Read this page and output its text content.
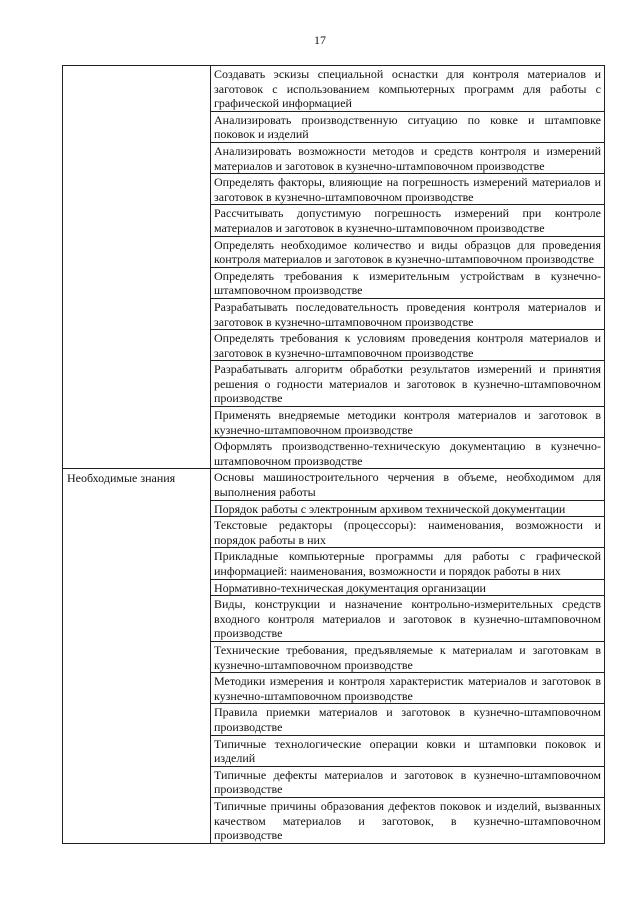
17
	Создавать эскизы специальной оснастки для контроля материалов и заготовок с использованием компьютерных программ для работы с графической информацией
	Анализировать производственную ситуацию по ковке и штамповке поковок и изделий
	Анализировать возможности методов и средств контроля и измерений материалов и заготовок в кузнечно-штамповочном производстве
	Определять факторы, влияющие на погрешность измерений материалов и заготовок в кузнечно-штамповочном производстве
	Рассчитывать допустимую погрешность измерений при контроле материалов и заготовок в кузнечно-штамповочном производстве
	Определять необходимое количество и виды образцов для проведения контроля материалов и заготовок в кузнечно-штамповочном производстве
	Определять требования к измерительным устройствам в кузнечно-штамповочном производстве
	Разрабатывать последовательность проведения контроля материалов и заготовок в кузнечно-штамповочном производстве
	Определять требования к условиям проведения контроля материалов и заготовок в кузнечно-штамповочном производстве
	Разрабатывать алгоритм обработки результатов измерений и принятия решения о годности материалов и заготовок в кузнечно-штамповочном производстве
	Применять внедряемые методики контроля материалов и заготовок в кузнечно-штамповочном производстве
	Оформлять производственно-техническую документацию в кузнечно-штамповочном производстве
Необходимые знания	Основы машиностроительного черчения в объеме, необходимом для выполнения работы
	Порядок работы с электронным архивом технической документации
	Текстовые редакторы (процессоры): наименования, возможности и порядок работы в них
	Прикладные компьютерные программы для работы с графической информацией: наименования, возможности и порядок работы в них
	Нормативно-техническая документация организации
	Виды, конструкции и назначение контрольно-измерительных средств входного контроля материалов и заготовок в кузнечно-штамповочном производстве
	Технические требования, предъявляемые к материалам и заготовкам в кузнечно-штамповочном производстве
	Методики измерения и контроля характеристик материалов и заготовок в кузнечно-штамповочном производстве
	Правила приемки материалов и заготовок в кузнечно-штамповочном производстве
	Типичные технологические операции ковки и штамповки поковок и изделий
	Типичные дефекты материалов и заготовок в кузнечно-штамповочном производстве
	Типичные причины образования дефектов поковок и изделий, вызванных качеством материалов и заготовок, в кузнечно-штамповочном производстве
